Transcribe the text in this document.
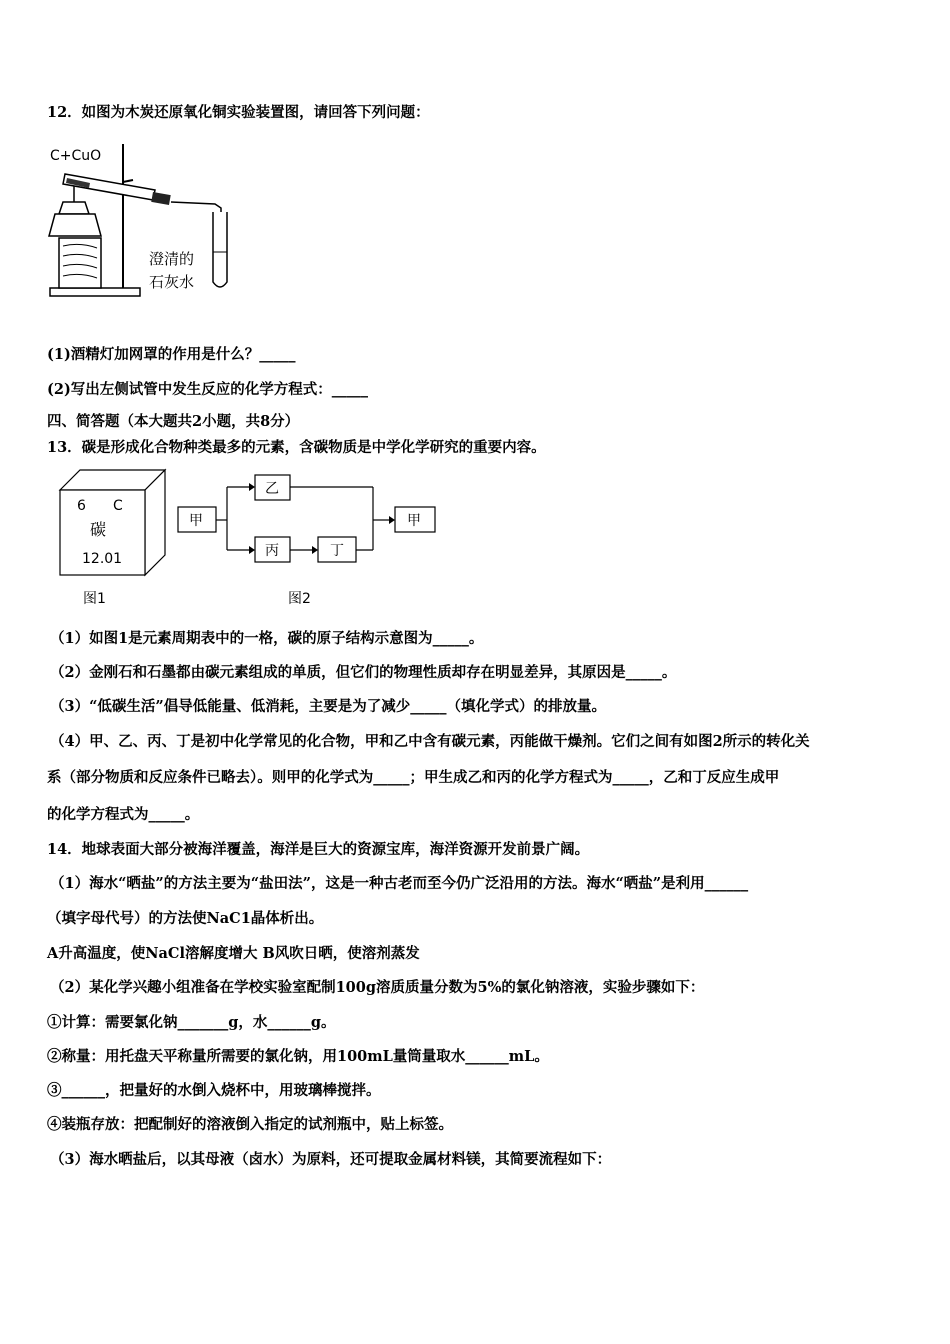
12．如图为木炭还原氧化铜实验装置图，请回答下列问题：
C+CuO
澄清的
石灰水
(1)酒精灯加网罩的作用是什么？_____
(2)写出左侧试管中发生反应的化学方程式：_____
四、简答题（本大题共2小题，共8分）
13．碳是形成化合物种类最多的元素，含碳物质是中学化学研究的重要内容。
6 C
碳
12.01
图1
甲
乙
丙	丁
甲
图2
（1）如图1是元素周期表中的一格，碳的原子结构示意图为_____。
（2）金刚石和石墨都由碳元素组成的单质，但它们的物理性质却存在明显差异，其原因是_____。
（3）“低碳生活”倡导低能量、低消耗，主要是为了减少_____（填化学式）的排放量。
（4）甲、乙、丙、丁是初中化学常见的化合物，甲和乙中含有碳元素，丙能做干燥剂。它们之间有如图2所示的转化关
系（部分物质和反应条件已略去）。则甲的化学式为_____；甲生成乙和丙的化学方程式为_____，乙和丁反应生成甲
的化学方程式为_____。
14．地球表面大部分被海洋覆盖，海洋是巨大的资源宝库，海洋资源开发前景广阔。
（1）海水“晒盐”的方法主要为“盐田法”，这是一种古老而至今仍广泛沿用的方法。海水“晒盐”是利用______
（填字母代号）的方法使NaC1晶体析出。
A升高温度，使NaCl溶解度增大 B风吹日晒，使溶剂蒸发
（2）某化学兴趣小组准备在学校实验室配制100g溶质质量分数为5%的氯化钠溶液，实验步骤如下：
①计算：需要氯化钠_______g，水______g。
②称量：用托盘天平称量所需要的氯化钠，用100mL量筒量取水______mL。
③______，把量好的水倒入烧杯中，用玻璃棒搅拌。
④装瓶存放：把配制好的溶液倒入指定的试剂瓶中，贴上标签。
（3）海水晒盐后，以其母液（卤水）为原料，还可提取金属材料镁，其简要流程如下：
